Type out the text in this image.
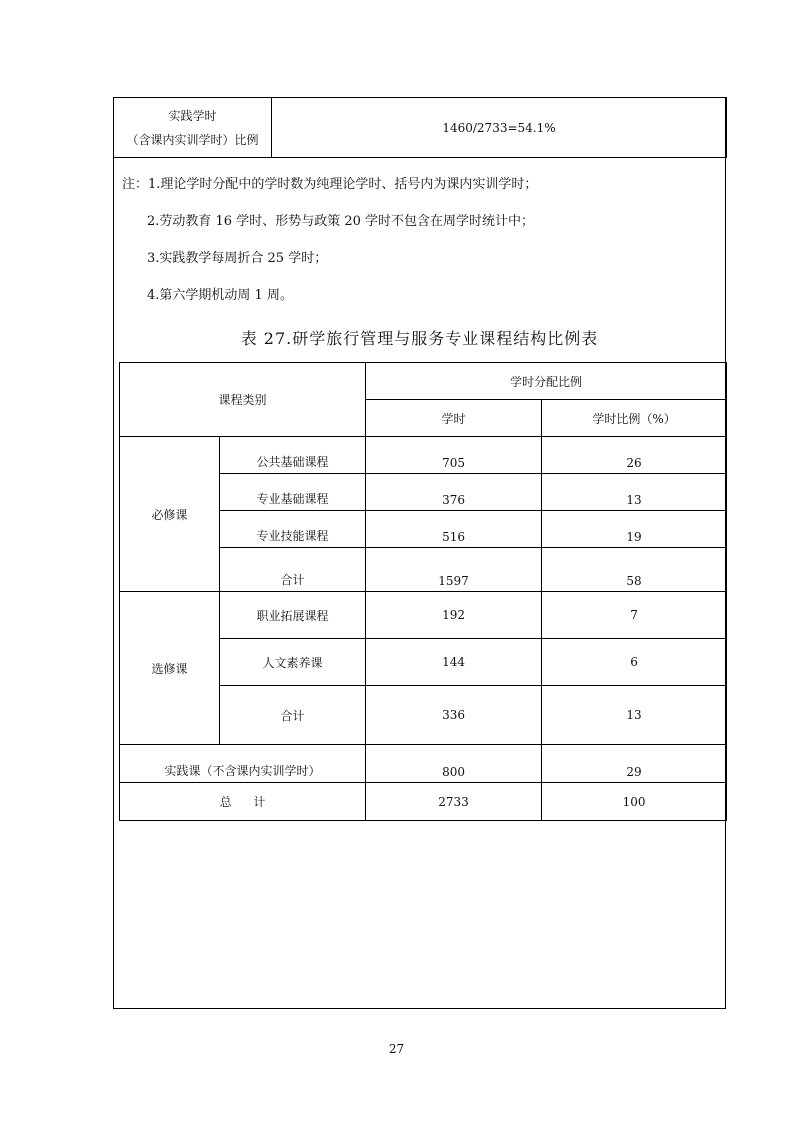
实践学时
（含课内实训学时）比例
	1460/2733=54.1%
注：1.理论学时分配中的学时数为纯理论学时、括号内为课内实训学时；
2.劳动教育 16 学时、形势与政策 20 学时不包含在周学时统计中；
3.实践教学每周折合 25 学时；
4.第六学期机动周 1 周。
表 27.研学旅行管理与服务专业课程结构比例表
课程类别		学时分配比例	
		学时	学时比例（%）
必修课	公共基础课程	705	26
	专业基础课程	376	13
	专业技能课程	516	19
	合计	1597	58
选修课	职业拓展课程	192	7
	人文素养课	144	6
	合计	336	13
实践课（不含课内实训学时）		800	29
总 计		2733	100
27
